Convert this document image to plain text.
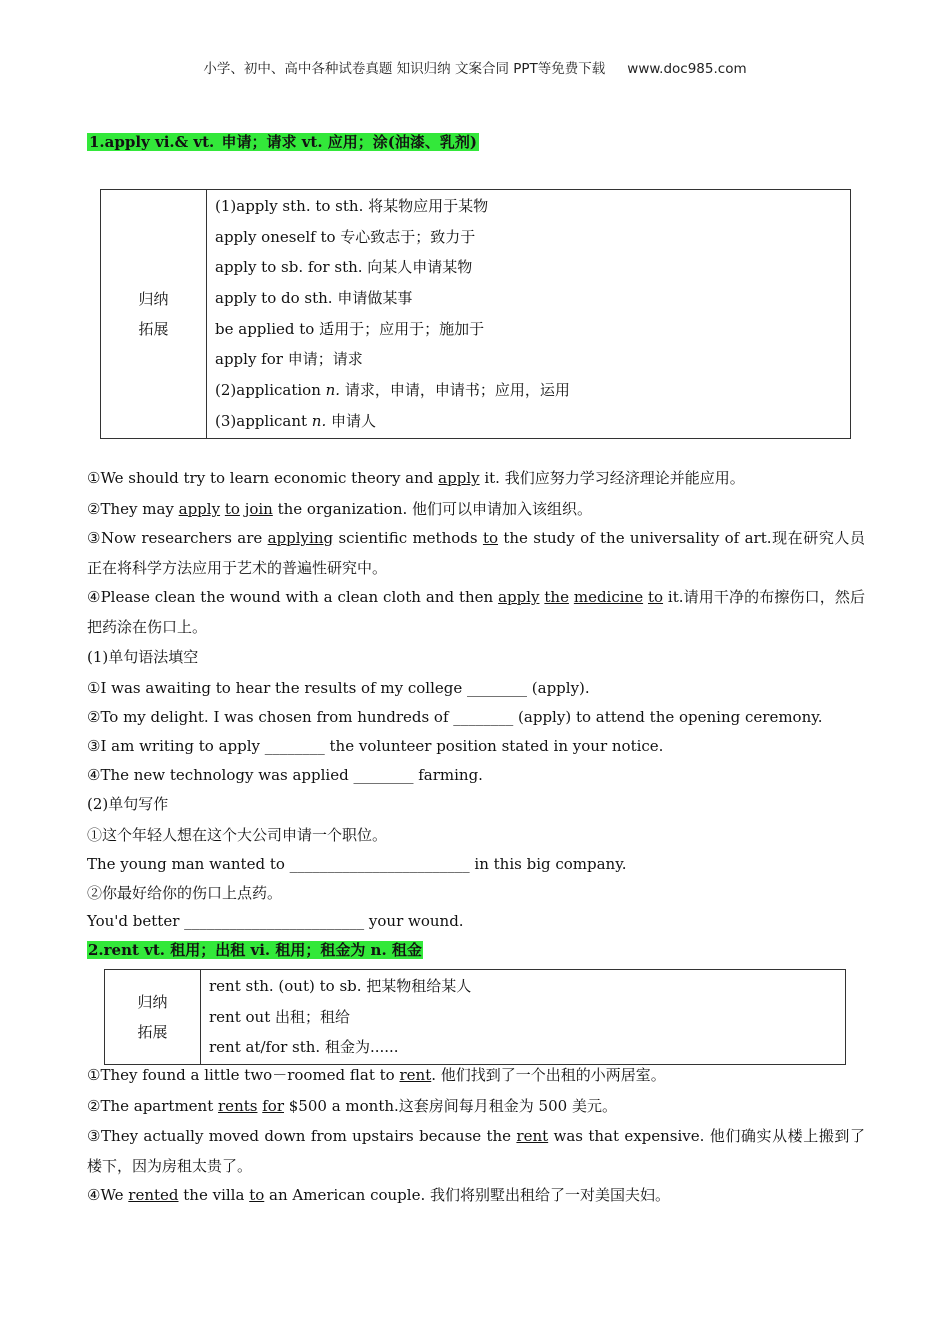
小学、初中、高中各种试卷真题 知识归纳 文案合同 PPT等免费下载 www.doc985.com
1.apply vi.& vt. 申请；请求 vt. 应用；涂(油漆、乳剂)
归纳
拓展	
(1)apply sth. to sth. 将某物应用于某物
apply oneself to 专心致志于；致力于
apply to sb. for sth. 向某人申请某物
apply to do sth. 申请做某事
be applied to 适用于；应用于；施加于
apply for 申请；请求
(2)application n. 请求，申请，申请书；应用，运用
(3)applicant n. 申请人
①We should try to learn economic theory and apply it. 我们应努力学习经济理论并能应用。
②They may apply to join the organization. 他们可以申请加入该组织。
③Now researchers are applying scientific methods to the study of the universality of art.现在研究人员正在将科学方法应用于艺术的普遍性研究中。
④Please clean the wound with a clean cloth and then apply the medicine to it.请用干净的布擦伤口，然后把药涂在伤口上。
(1)单句语法填空
①I was awaiting to hear the results of my college ________ (apply).
②To my delight. I was chosen from hundreds of ________ (apply) to attend the opening ceremony.
③I am writing to apply ________ the volunteer position stated in your notice.
④The new technology was applied ________ farming.
(2)单句写作
①这个年轻人想在这个大公司申请一个职位。
The young man wanted to ________________________ in this big company.
②你最好给你的伤口上点药。
You'd better ________________________ your wound.
2.rent vt. 租用；出租 vi. 租用；租金为 n. 租金
归纳
拓展	
rent sth. (out) to sb. 把某物租给某人
rent out 出租；租给
rent at/for sth. 租金为......
①They found a little two－roomed flat to rent. 他们找到了一个出租的小两居室。
②The apartment rents for $500 a month.这套房间每月租金为 500 美元。
③They actually moved down from upstairs because the rent was that expensive. 他们确实从楼上搬到了楼下，因为房租太贵了。
④We rented the villa to an American couple. 我们将别墅出租给了一对美国夫妇。
